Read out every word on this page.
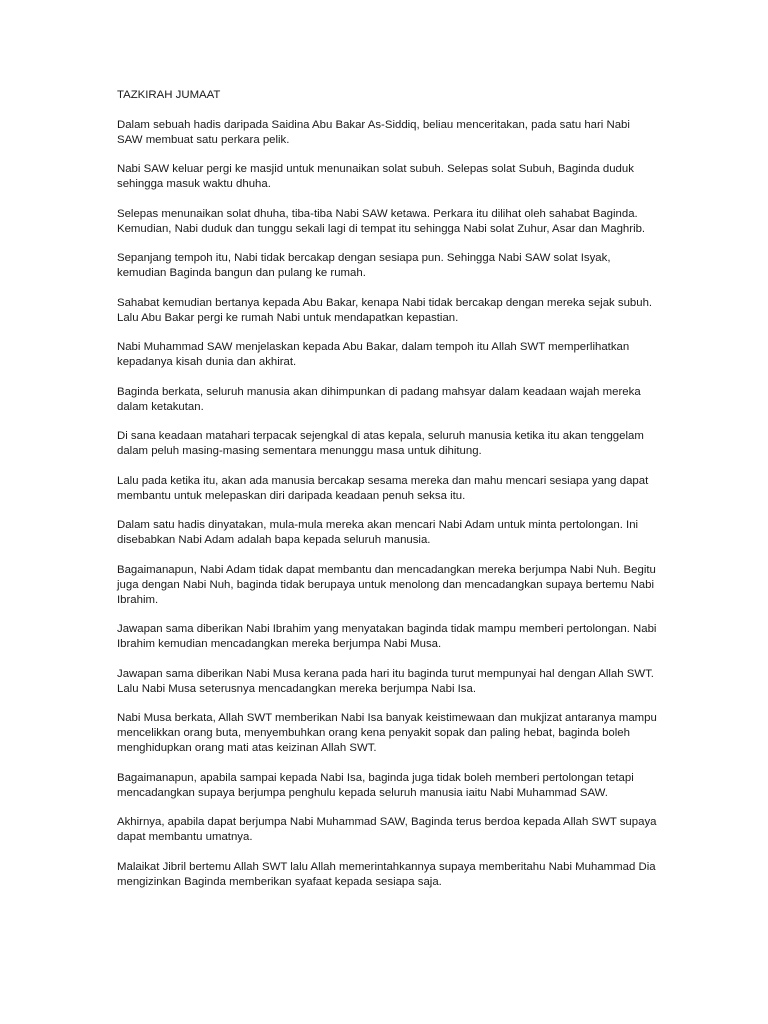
TAZKIRAH JUMAAT

Dalam sebuah hadis daripada Saidina Abu Bakar As-Siddiq, beliau menceritakan, pada satu hari Nabi SAW membuat satu perkara pelik.

Nabi SAW keluar pergi ke masjid untuk menunaikan solat subuh. Selepas solat Subuh, Baginda duduk sehingga masuk waktu dhuha.

Selepas menunaikan solat dhuha, tiba-tiba Nabi SAW ketawa. Perkara itu dilihat oleh sahabat Baginda. Kemudian, Nabi duduk dan tunggu sekali lagi di tempat itu sehingga Nabi solat Zuhur, Asar dan Maghrib.

Sepanjang tempoh itu, Nabi tidak bercakap dengan sesiapa pun. Sehingga Nabi SAW solat Isyak, kemudian Baginda bangun dan pulang ke rumah.

Sahabat kemudian bertanya kepada Abu Bakar, kenapa Nabi tidak bercakap dengan mereka sejak subuh. Lalu Abu Bakar pergi ke rumah Nabi untuk mendapatkan kepastian.

Nabi Muhammad SAW menjelaskan kepada Abu Bakar, dalam tempoh itu Allah SWT memperlihatkan kepadanya kisah dunia dan akhirat.

Baginda berkata, seluruh manusia akan dihimpunkan di padang mahsyar dalam keadaan wajah mereka dalam ketakutan.

Di sana keadaan matahari terpacak sejengkal di atas kepala, seluruh manusia ketika itu akan tenggelam dalam peluh masing-masing sementara menunggu masa untuk dihitung.

Lalu pada ketika itu, akan ada manusia bercakap sesama mereka dan mahu mencari sesiapa yang dapat membantu untuk melepaskan diri daripada keadaan penuh seksa itu.

Dalam satu hadis dinyatakan, mula-mula mereka akan mencari Nabi Adam untuk minta pertolongan. Ini disebabkan Nabi Adam adalah bapa kepada seluruh manusia.

Bagaimanapun, Nabi Adam tidak dapat membantu dan mencadangkan mereka berjumpa Nabi Nuh. Begitu juga dengan Nabi Nuh, baginda tidak berupaya untuk menolong dan mencadangkan supaya bertemu Nabi Ibrahim.

Jawapan sama diberikan Nabi Ibrahim yang menyatakan baginda tidak mampu memberi pertolongan. Nabi Ibrahim kemudian mencadangkan mereka berjumpa Nabi Musa.

Jawapan sama diberikan Nabi Musa kerana pada hari itu baginda turut mempunyai hal dengan Allah SWT. Lalu Nabi Musa seterusnya mencadangkan mereka berjumpa Nabi Isa.

Nabi Musa berkata, Allah SWT memberikan Nabi Isa banyak keistimewaan dan mukjizat antaranya mampu mencelikkan orang buta, menyembuhkan orang kena penyakit sopak dan paling hebat, baginda boleh menghidupkan orang mati atas keizinan Allah SWT.

Bagaimanapun, apabila sampai kepada Nabi Isa, baginda juga tidak boleh memberi pertolongan tetapi mencadangkan supaya berjumpa penghulu kepada seluruh manusia iaitu Nabi Muhammad SAW.

Akhirnya, apabila dapat berjumpa Nabi Muhammad SAW, Baginda terus berdoa kepada Allah SWT supaya dapat membantu umatnya.

Malaikat Jibril bertemu Allah SWT lalu Allah memerintahkannya supaya memberitahu Nabi Muhammad Dia mengizinkan Baginda memberikan syafaat kepada sesiapa saja.
